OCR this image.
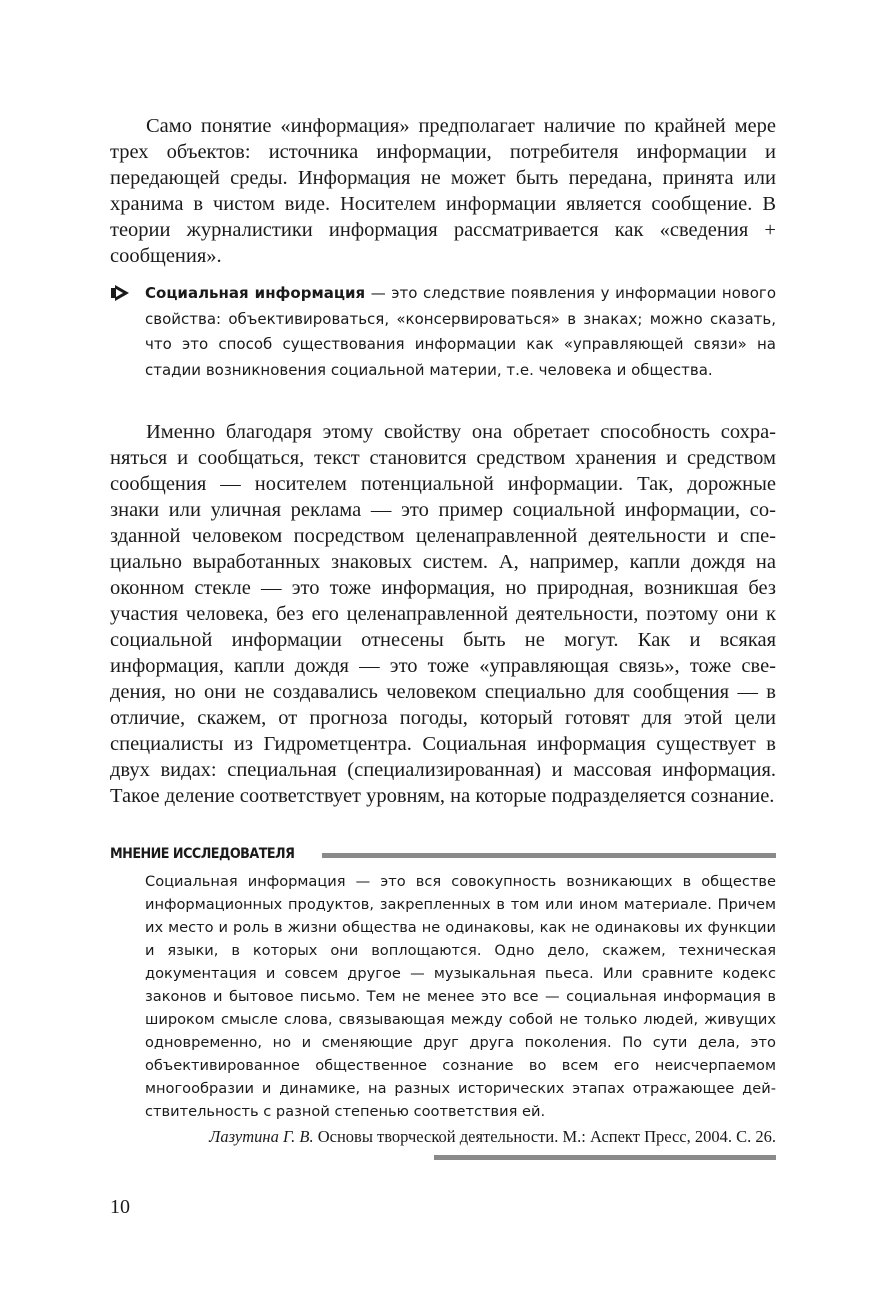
Само понятие «информация» предполагает наличие по крайней мере трех объектов: источника информации, потребителя информации и передающей среды. Информация не может быть передана, принята или хранима в чистом виде. Носителем информации является сообщение. В теории журналистики информация рассматривается как «сведения + сообщения».

Социальная информация — это следствие появления у информации нового свойства: объективироваться, «консервироваться» в знаках; можно сказать, что это способ существования информации как «управляющей связи» на стадии возникновения социальной материи, т.е. человека и общества.

Именно благодаря этому свойству она обретает способность сохраняться и сообщаться, текст становится средством хранения и средством сообщения — носителем потенциальной информации. Так, дорожные знаки или уличная реклама — это пример социальной информации, созданной человеком посредством целенаправленной деятельности и специально выработанных знаковых систем. А, например, капли дождя на оконном стекле — это тоже информация, но природная, возникшая без участия человека, без его целенаправленной деятельности, поэтому они к социальной информации отнесены быть не могут. Как и всякая информация, капли дождя — это тоже «управляющая связь», тоже сведения, но они не создавались человеком специально для сообщения — в отличие, скажем, от прогноза погоды, который готовят для этой цели специалисты из Гидрометцентра. Социальная информация существует в двух видах: специальная (специализированная) и массовая информация. Такое деление соответствует уровням, на которые подразделяется сознание.

МНЕНИЕ ИССЛЕДОВАТЕЛЯ

Социальная информация — это вся совокупность возникающих в обществе информационных продуктов, закрепленных в том или ином материале. Причем их место и роль в жизни общества не одинаковы, как не одинаковы их функции и языки, в которых они воплощаются. Одно дело, скажем, техническая документация и совсем другое — музыкальная пьеса. Или сравните кодекс законов и бытовое письмо. Тем не менее это все — социальная информация в широком смысле слова, связывающая между собой не только людей, живущих одновременно, но и сменяющие друг друга поколения. По сути дела, это объективированное общественное сознание во всем его неисчерпаемом многообразии и динамике, на разных исторических этапах отражающее действительность с разной степенью соответствия ей.

Лазутина Г. В. Основы творческой деятельности. М.: Аспект Пресс, 2004. С. 26.

10
